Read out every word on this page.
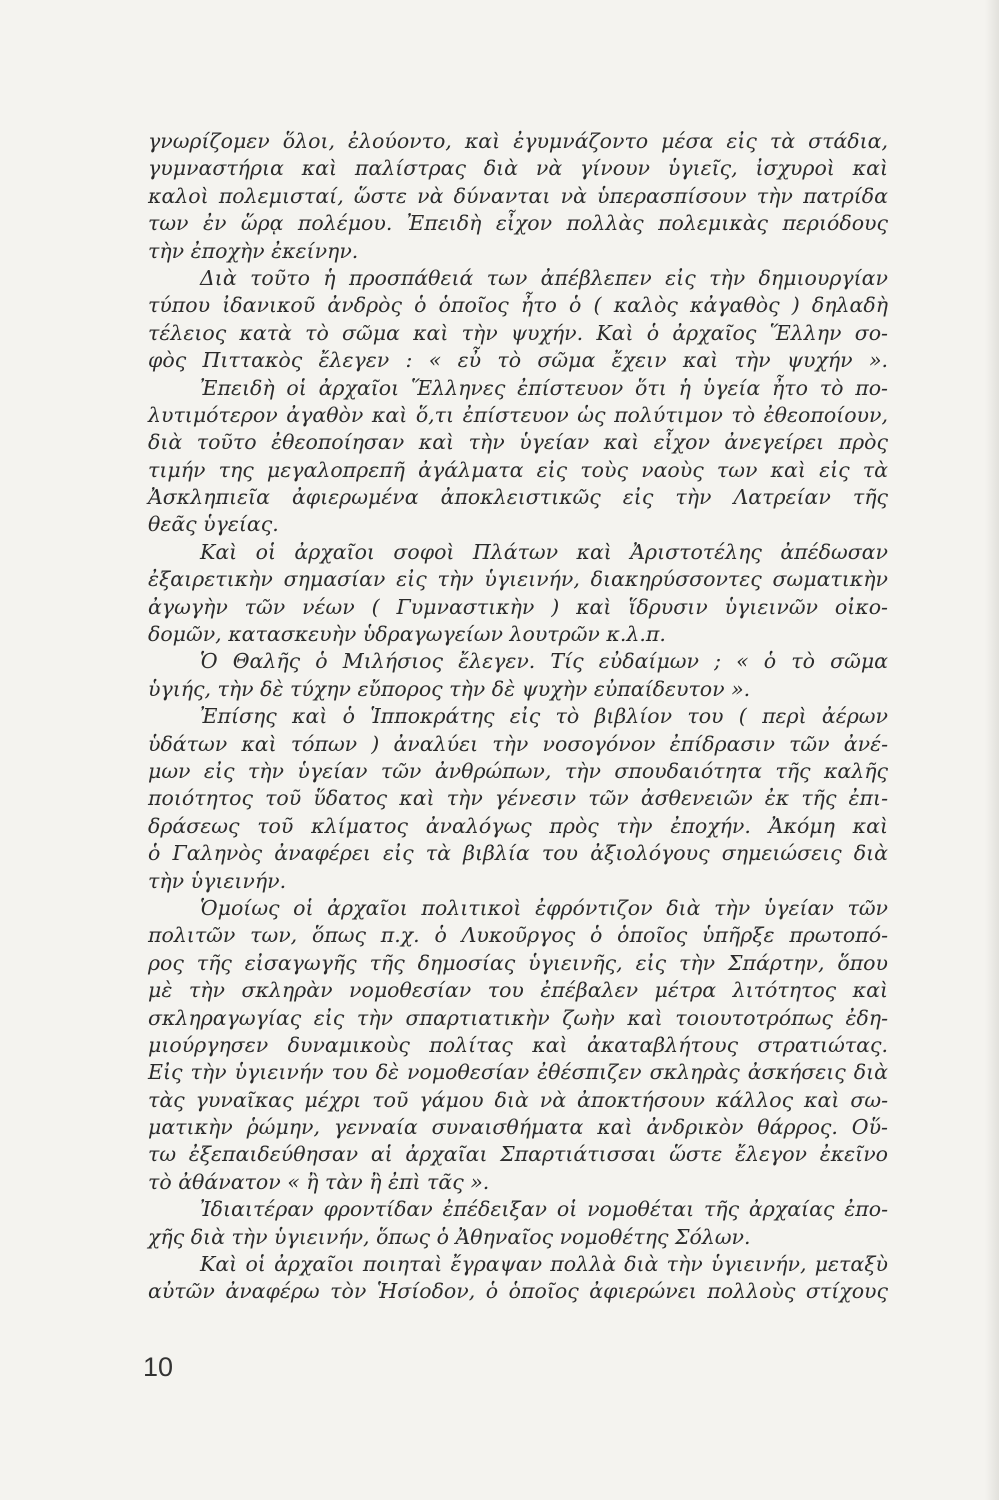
γνωρίζομεν ὅλοι, ἐλούοντο, καὶ ἐγυμνάζοντο μέσα εἰς τὰ στάδια,
γυμναστήρια καὶ παλίστρας διὰ νὰ γίνουν ὑγιεῖς, ἰσχυροὶ καὶ
καλοὶ πολεμισταί, ὥστε νὰ δύνανται νὰ ὑπερασπίσουν τὴν πατρίδα
των ἐν ὥρᾳ πολέμου. Ἐπειδὴ εἶχον πολλὰς πολεμικὰς περιόδους
τὴν ἐποχὴν ἐκείνην.
Διὰ τοῦτο ἡ προσπάθειά των ἀπέβλεπεν εἰς τὴν δημιουργίαν
τύπου ἰδανικοῦ ἀνδρὸς ὁ ὁποῖος ἦτο ὁ ( καλὸς κἀγαθὸς ) δηλαδὴ
τέλειος κατὰ τὸ σῶμα καὶ τὴν ψυχήν. Καὶ ὁ ἀρχαῖος Ἕλλην σο-
φὸς Πιττακὸς ἔλεγεν : « εὖ τὸ σῶμα ἔχειν καὶ τὴν ψυχήν ».
Ἐπειδὴ οἱ ἀρχαῖοι Ἕλληνες ἐπίστευον ὅτι ἡ ὑγεία ἦτο τὸ πο-
λυτιμότερον ἀγαθὸν καὶ ὅ,τι ἐπίστευον ὡς πολύτιμον τὸ ἐθεοποίουν,
διὰ τοῦτο ἐθεοποίησαν καὶ τὴν ὑγείαν καὶ εἶχον ἀνεγείρει πρὸς
τιμήν της μεγαλοπρεπῆ ἀγάλματα εἰς τοὺς ναοὺς των καὶ εἰς τὰ
Ἀσκληπιεῖα ἀφιερωμένα ἀποκλειστικῶς εἰς τὴν Λατρείαν τῆς
θεᾶς ὑγείας.
Καὶ οἱ ἀρχαῖοι σοφοὶ Πλάτων καὶ Ἀριστοτέλης ἀπέδωσαν
ἐξαιρετικὴν σημασίαν εἰς τὴν ὑγιεινήν, διακηρύσσοντες σωματικὴν
ἀγωγὴν τῶν νέων ( Γυμναστικὴν ) καὶ ἵδρυσιν ὑγιεινῶν οἰκο-
δομῶν, κατασκευὴν ὑδραγωγείων λουτρῶν κ.λ.π.
Ὁ Θαλῆς ὁ Μιλήσιος ἔλεγεν. Τίς εὐδαίμων ; « ὁ τὸ σῶμα
ὑγιής, τὴν δὲ τύχην εὔπορος τὴν δὲ ψυχὴν εὐπαίδευτον ».
Ἐπίσης καὶ ὁ Ἱπποκράτης εἰς τὸ βιβλίον του ( περὶ ἀέρων
ὑδάτων καὶ τόπων ) ἀναλύει τὴν νοσογόνον ἐπίδρασιν τῶν ἀνέ-
μων εἰς τὴν ὑγείαν τῶν ἀνθρώπων, τὴν σπουδαιότητα τῆς καλῆς
ποιότητος τοῦ ὕδατος καὶ τὴν γένεσιν τῶν ἀσθενειῶν ἐκ τῆς ἐπι-
δράσεως τοῦ κλίματος ἀναλόγως πρὸς τὴν ἐποχήν. Ἀκόμη καὶ
ὁ Γαληνὸς ἀναφέρει εἰς τὰ βιβλία του ἀξιολόγους σημειώσεις διὰ
τὴν ὑγιεινήν.
Ὁμοίως οἱ ἀρχαῖοι πολιτικοὶ ἐφρόντιζον διὰ τὴν ὑγείαν τῶν
πολιτῶν των, ὅπως π.χ. ὁ Λυκοῦργος ὁ ὁποῖος ὑπῆρξε πρωτοπό-
ρος τῆς εἰσαγωγῆς τῆς δημοσίας ὑγιεινῆς, εἰς τὴν Σπάρτην, ὅπου
μὲ τὴν σκληρὰν νομοθεσίαν του ἐπέβαλεν μέτρα λιτότητος καὶ
σκληραγωγίας εἰς τὴν σπαρτιατικὴν ζωὴν καὶ τοιουτοτρόπως ἐδη-
μιούργησεν δυναμικοὺς πολίτας καὶ ἀκαταβλήτους στρατιώτας.
Εἰς τὴν ὑγιεινήν του δὲ νομοθεσίαν ἐθέσπιζεν σκληρὰς ἀσκήσεις διὰ
τὰς γυναῖκας μέχρι τοῦ γάμου διὰ νὰ ἀποκτήσουν κάλλος καὶ σω-
ματικὴν ῥώμην, γενναία συναισθήματα καὶ ἀνδρικὸν θάρρος. Οὕ-
τω ἐξεπαιδεύθησαν αἱ ἀρχαῖαι Σπαρτιάτισσαι ὥστε ἔλεγον ἐκεῖνο
τὸ ἀθάνατον « ἢ τὰν ἢ ἐπὶ τᾶς ».
Ἰδιαιτέραν φροντίδαν ἐπέδειξαν οἱ νομοθέται τῆς ἀρχαίας ἐπο-
χῆς διὰ τὴν ὑγιεινήν, ὅπως ὁ Ἀθηναῖος νομοθέτης Σόλων.
Καὶ οἱ ἀρχαῖοι ποιηταὶ ἔγραψαν πολλὰ διὰ τὴν ὑγιεινήν, μεταξὺ
αὐτῶν ἀναφέρω τὸν Ἡσίοδον, ὁ ὁποῖος ἀφιερώνει πολλοὺς στίχους
10
